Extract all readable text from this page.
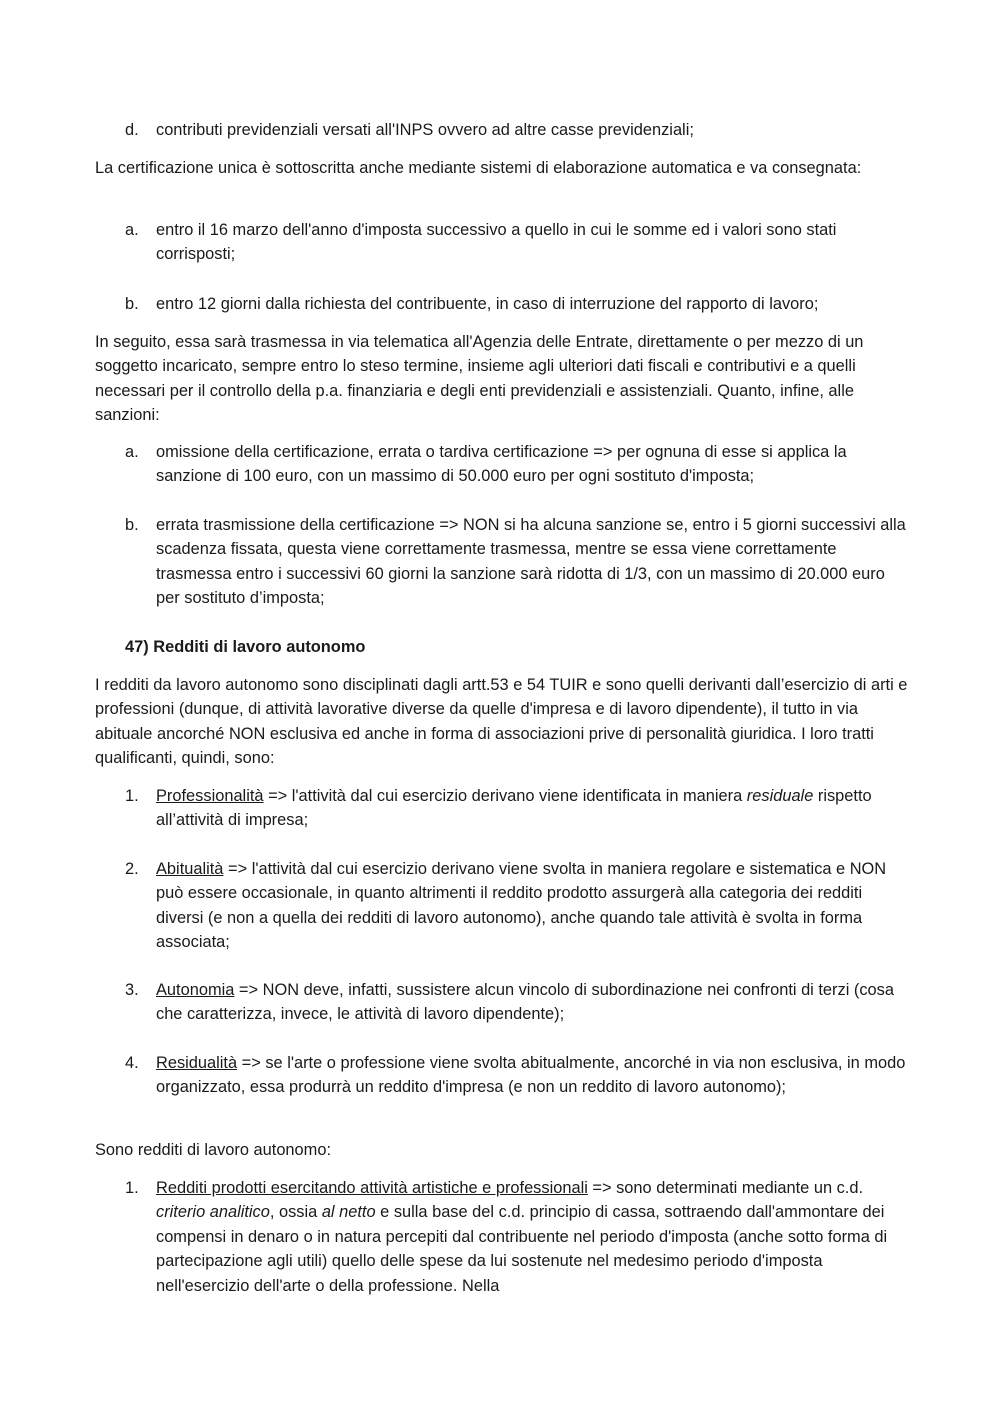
d.	contributi previdenziali versati all'INPS ovvero ad altre casse previdenziali;

La certificazione unica è sottoscritta anche mediante sistemi di elaborazione automatica e va consegnata:

a.	entro il 16 marzo dell'anno d'imposta successivo a quello in cui le somme ed i valori sono stati corrisposti;
b.	entro 12 giorni dalla richiesta del contribuente, in caso di interruzione del rapporto di lavoro;

In seguito, essa sarà trasmessa in via telematica all'Agenzia delle Entrate, direttamente o per mezzo di un soggetto incaricato, sempre entro lo steso termine, insieme agli ulteriori dati fiscali e contributivi e a quelli necessari per il controllo della p.a. finanziaria e degli enti previdenziali e assistenziali. Quanto, infine, alle sanzioni:

a.	omissione della certificazione, errata o tardiva certificazione => per ognuna di esse si applica la sanzione di 100 euro, con un massimo di 50.000 euro per ogni sostituto d'imposta;
b.	errata trasmissione della certificazione => NON si ha alcuna sanzione se, entro i 5 giorni successivi alla scadenza fissata, questa viene correttamente trasmessa, mentre se essa viene correttamente trasmessa entro i successivi 60 giorni la sanzione sarà ridotta di 1/3, con un massimo di 20.000 euro per sostituto d’imposta;

47) Redditi di lavoro autonomo

I redditi da lavoro autonomo sono disciplinati dagli artt.53 e 54 TUIR e sono quelli derivanti dall’esercizio di arti e professioni (dunque, di attività lavorative diverse da quelle d'impresa e di lavoro dipendente), il tutto in via abituale ancorché NON esclusiva ed anche in forma di associazioni prive di personalità giuridica. I loro tratti qualificanti, quindi, sono:

1.	Professionalità => l'attività dal cui esercizio derivano viene identificata in maniera residuale rispetto all’attività di impresa;
2.	Abitualità => l'attività dal cui esercizio derivano viene svolta in maniera regolare e sistematica e NON può essere occasionale, in quanto altrimenti il reddito prodotto assurgerà alla categoria dei redditi diversi (e non a quella dei redditi di lavoro autonomo), anche quando tale attività è svolta in forma associata;
3.	Autonomia => NON deve, infatti, sussistere alcun vincolo di subordinazione nei confronti di terzi (cosa che caratterizza, invece, le attività di lavoro dipendente);
4.	Residualità => se l'arte o professione viene svolta abitualmente, ancorché in via non esclusiva, in modo organizzato, essa produrrà un reddito d'impresa (e non un reddito di lavoro autonomo);

Sono redditi di lavoro autonomo:

1.	Redditi prodotti esercitando attività artistiche e professionali => sono determinati mediante un c.d. criterio analitico, ossia al netto e sulla base del c.d. principio di cassa, sottraendo dall'ammontare dei compensi in denaro o in natura percepiti dal contribuente nel periodo d'imposta (anche sotto forma di partecipazione agli utili) quello delle spese da lui sostenute nel medesimo periodo d'imposta nell'esercizio dell'arte o della professione. Nella
